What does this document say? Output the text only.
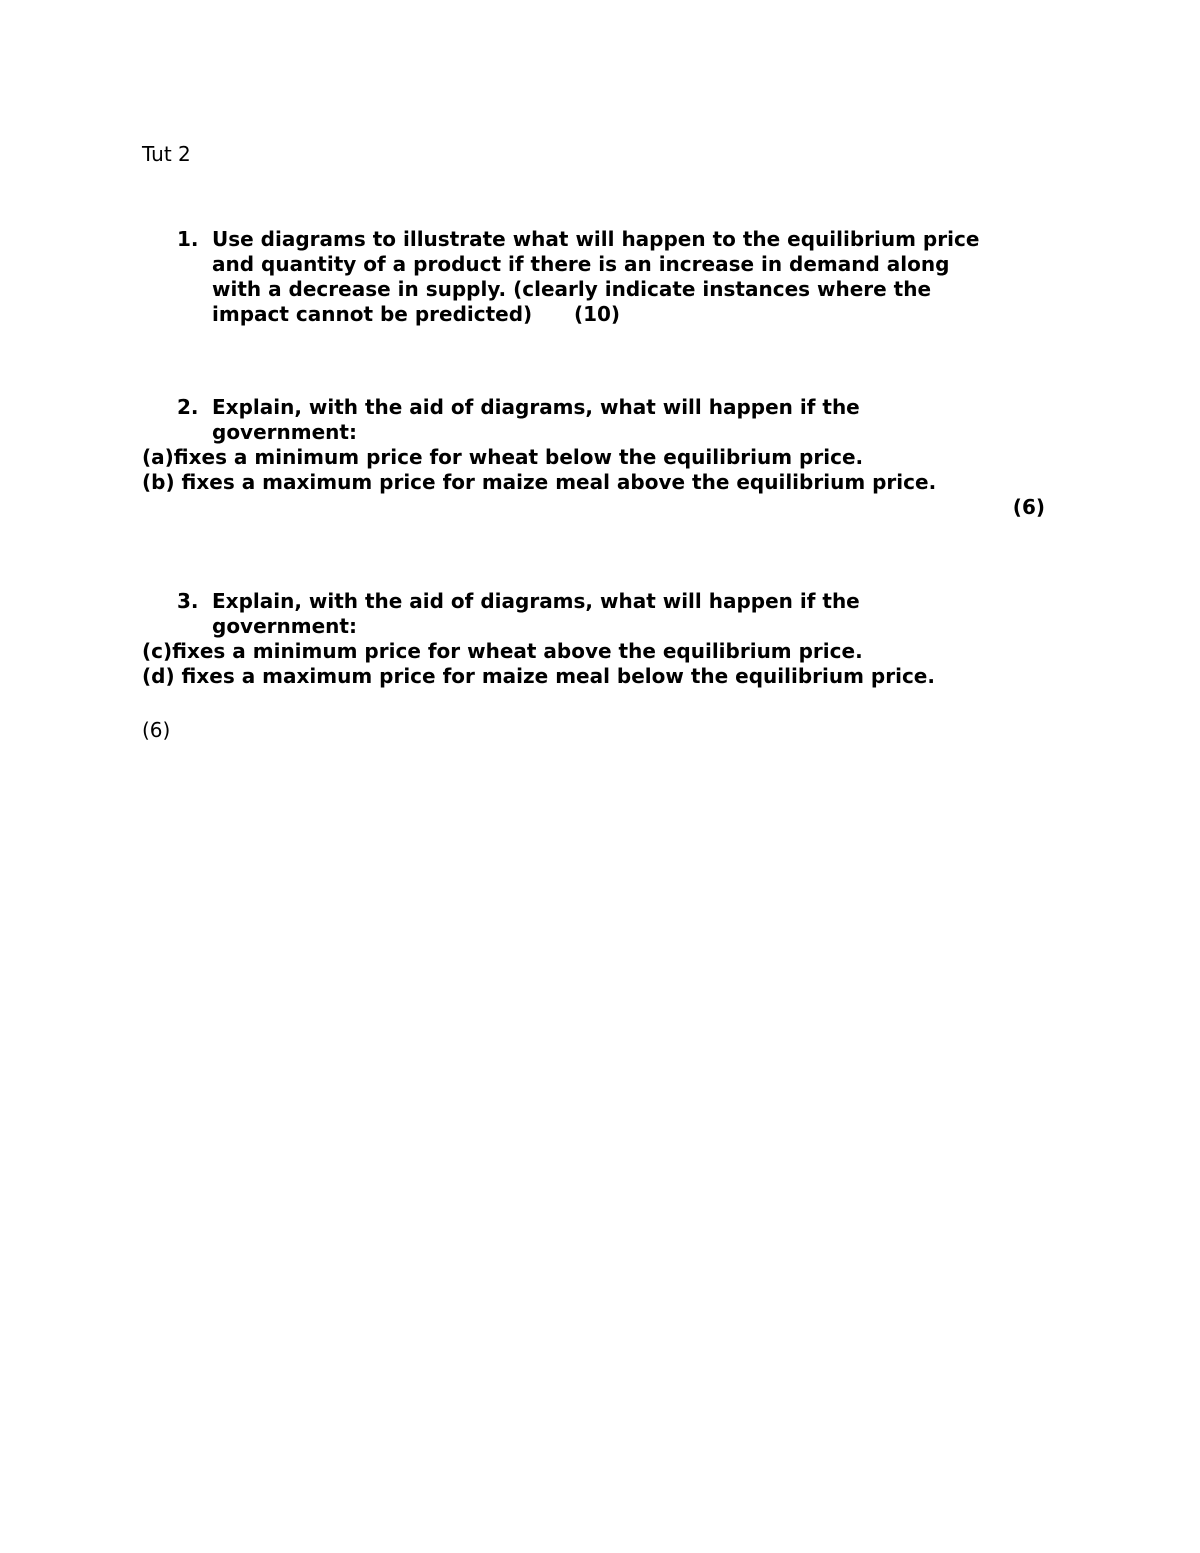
Tut 2
1. Use diagrams to illustrate what will happen to the equilibrium price
and quantity of a product if there is an increase in demand along
with a decrease in supply. (clearly indicate instances where the
impact cannot be predicted)      (10)
2. Explain, with the aid of diagrams, what will happen if the
government:
(a)fixes a minimum price for wheat below the equilibrium price.
(b) fixes a maximum price for maize meal above the equilibrium price.
(6)
3. Explain, with the aid of diagrams, what will happen if the
government:
(c)fixes a minimum price for wheat above the equilibrium price.
(d) fixes a maximum price for maize meal below the equilibrium price.
(6)
